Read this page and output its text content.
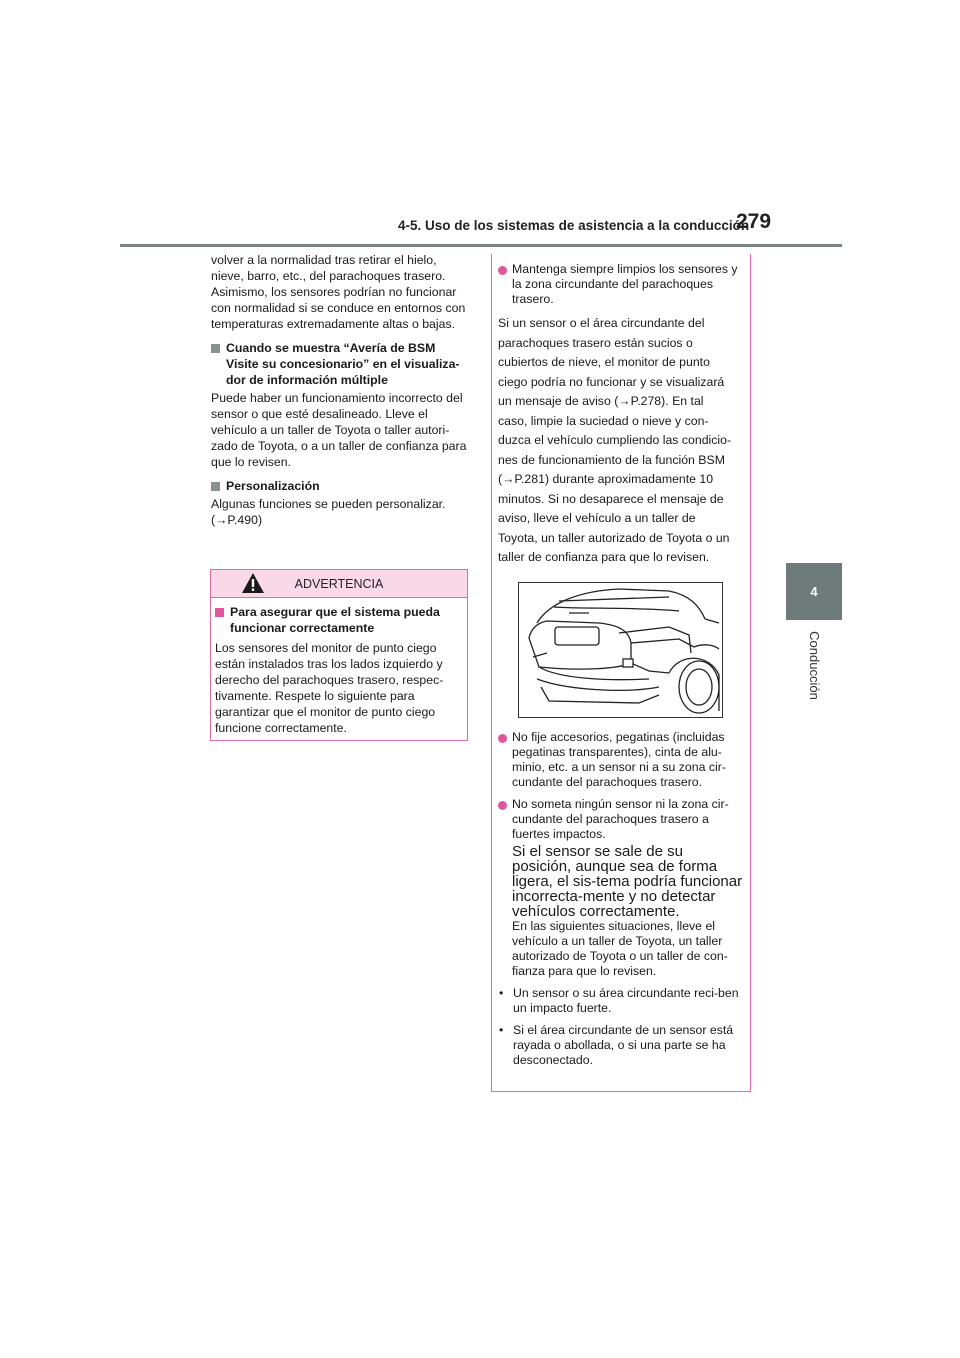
4-5. Uso de los sistemas de asistencia a la conducción
279
4
Conducción

volver a la normalidad tras retirar el hielo, nieve, barro, etc., del parachoques trasero. Asimismo, los sensores podrían no funcionar con normalidad si se conduce en entornos con temperaturas extremadamente altas o bajas.

Cuando se muestra “Avería de BSM Visite su concesionario” en el visualiza-dor de información múltiple

Puede haber un funcionamiento incorrecto del sensor o que esté desalineado. Lleve el vehículo a un taller de Toyota o taller autori-zado de Toyota, o a un taller de confianza para que lo revisen.

Personalización

Algunas funciones se pueden personalizar. (→P.490)

ADVERTENCIA
Para asegurar que el sistema pueda funcionar correctamente

Los sensores del monitor de punto ciego están instalados tras los lados izquierdo y derecho del parachoques trasero, respec-tivamente. Respete lo siguiente para garantizar que el monitor de punto ciego funcione correctamente.

Mantenga siempre limpios los sensores y la zona circundante del parachoques trasero.
Si un sensor o el área circundante del
parachoques trasero están sucios o
cubiertos de nieve, el monitor de punto
ciego podría no funcionar y se visualizará
un mensaje de aviso (→P.278). En tal
caso, limpie la suciedad o nieve y con-
duzca el vehículo cumpliendo las condicio-
nes de funcionamiento de la función BSM
(→P.281) durante aproximadamente 10
minutos. Si no desaparece el mensaje de
aviso, lleve el vehículo a un taller de
Toyota, un taller autorizado de Toyota o un
taller de confianza para que lo revisen.
No fije accesorios, pegatinas (incluidas pegatinas transparentes), cinta de alu-minio, etc. a un sensor ni a su zona cir-cundante del parachoques trasero.
No someta ningún sensor ni la zona cir-cundante del parachoques trasero a fuertes impactos.
Si el sensor se sale de su posición, aunque sea de forma ligera, el sis-tema podría funcionar incorrecta-mente y no detectar vehículos correctamente.
En las siguientes situaciones, lleve el vehículo a un taller de Toyota, un taller autorizado de Toyota o un taller de con-fianza para que lo revisen.
• Un sensor o su área circundante reci-ben un impacto fuerte.
• Si el área circundante de un sensor está rayada o abollada, o si una parte se ha desconectado.
